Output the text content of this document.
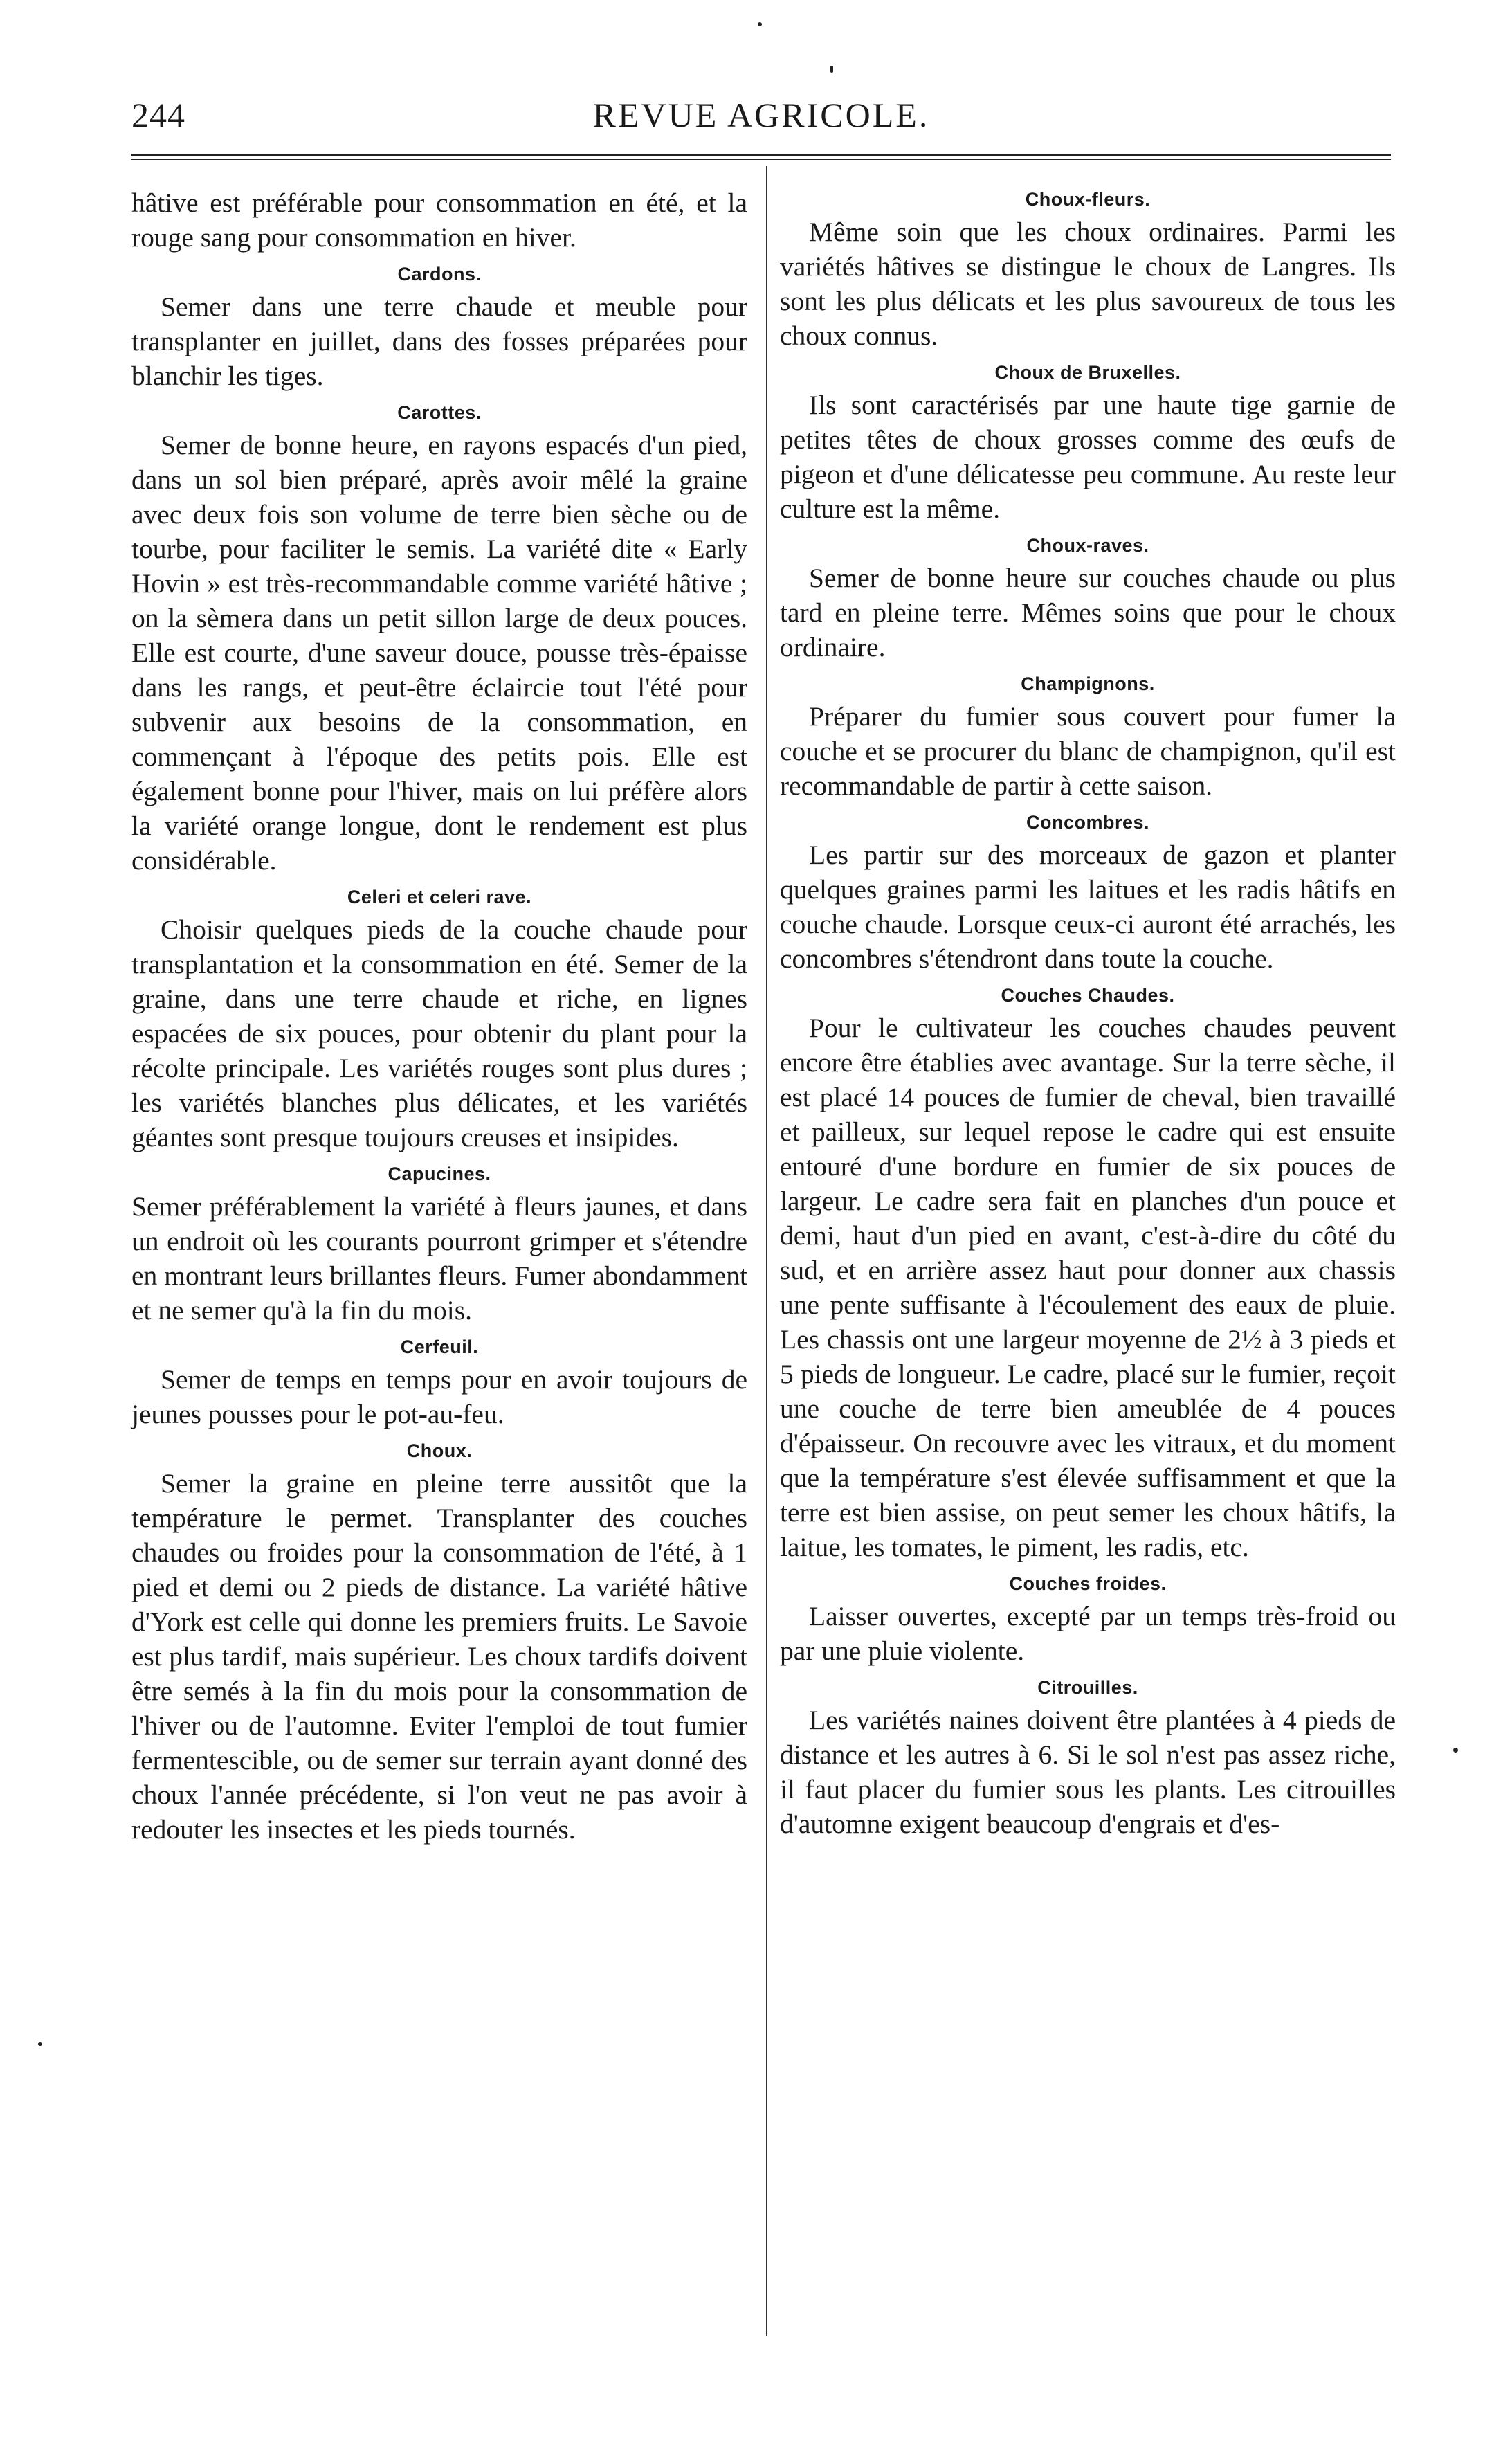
244	REVUE AGRICOLE.

hâtive est préférable pour consommation en été, et la rouge sang pour consommation en hiver.

Cardons.

Semer dans une terre chaude et meuble pour transplanter en juillet, dans des fosses préparées pour blanchir les tiges.

Carottes.

Semer de bonne heure, en rayons espacés d'un pied, dans un sol bien préparé, après avoir mêlé la graine avec deux fois son volume de terre bien sèche ou de tourbe, pour faciliter le semis. La variété dite « Early Hovin » est très-recommandable comme variété hâtive ; on la sèmera dans un petit sillon large de deux pouces. Elle est courte, d'une saveur douce, pousse très-épaisse dans les rangs, et peut-être éclaircie tout l'été pour subvenir aux besoins de la consommation, en commençant à l'époque des petits pois. Elle est également bonne pour l'hiver, mais on lui préfère alors la variété orange longue, dont le rendement est plus considérable.

Celeri et celeri rave.

Choisir quelques pieds de la couche chaude pour transplantation et la consommation en été. Semer de la graine, dans une terre chaude et riche, en lignes espacées de six pouces, pour obtenir du plant pour la récolte principale. Les variétés rouges sont plus dures ; les variétés blanches plus délicates, et les variétés géantes sont presque toujours creuses et insipides.

Capucines.

Semer préférablement la variété à fleurs jaunes, et dans un endroit où les courants pourront grimper et s'étendre en montrant leurs brillantes fleurs. Fumer abondamment et ne semer qu'à la fin du mois.

Cerfeuil.

Semer de temps en temps pour en avoir toujours de jeunes pousses pour le pot-au-feu.

Choux.

Semer la graine en pleine terre aussitôt que la température le permet. Transplanter des couches chaudes ou froides pour la consommation de l'été, à 1 pied et demi ou 2 pieds de distance. La variété hâtive d'York est celle qui donne les premiers fruits. Le Savoie est plus tardif, mais supérieur. Les choux tardifs doivent être semés à la fin du mois pour la consommation de l'hiver ou de l'automne. Eviter l'emploi de tout fumier fermentescible, ou de semer sur terrain ayant donné des choux l'année précédente, si l'on veut ne pas avoir à redouter les insectes et les pieds tournés.

Choux-fleurs.

Même soin que les choux ordinaires. Parmi les variétés hâtives se distingue le choux de Langres. Ils sont les plus délicats et les plus savoureux de tous les choux connus.

Choux de Bruxelles.

Ils sont caractérisés par une haute tige garnie de petites têtes de choux grosses comme des œufs de pigeon et d'une délicatesse peu commune. Au reste leur culture est la même.

Choux-raves.

Semer de bonne heure sur couches chaude ou plus tard en pleine terre. Mêmes soins que pour le choux ordinaire.

Champignons.

Préparer du fumier sous couvert pour fumer la couche et se procurer du blanc de champignon, qu'il est recommandable de partir à cette saison.

Concombres.

Les partir sur des morceaux de gazon et planter quelques graines parmi les laitues et les radis hâtifs en couche chaude. Lorsque ceux-ci auront été arrachés, les concombres s'étendront dans toute la couche.

Couches Chaudes.

Pour le cultivateur les couches chaudes peuvent encore être établies avec avantage. Sur la terre sèche, il est placé 14 pouces de fumier de cheval, bien travaillé et pailleux, sur lequel repose le cadre qui est ensuite entouré d'une bordure en fumier de six pouces de largeur. Le cadre sera fait en planches d'un pouce et demi, haut d'un pied en avant, c'est-à-dire du côté du sud, et en arrière assez haut pour donner aux chassis une pente suffisante à l'écoulement des eaux de pluie. Les chassis ont une largeur moyenne de 2½ à 3 pieds et 5 pieds de longueur. Le cadre, placé sur le fumier, reçoit une couche de terre bien ameublée de 4 pouces d'épaisseur. On recouvre avec les vitraux, et du moment que la température s'est élevée suffisamment et que la terre est bien assise, on peut semer les choux hâtifs, la laitue, les tomates, le piment, les radis, etc.

Couches froides.

Laisser ouvertes, excepté par un temps très-froid ou par une pluie violente.

Citrouilles.

Les variétés naines doivent être plantées à 4 pieds de distance et les autres à 6. Si le sol n'est pas assez riche, il faut placer du fumier sous les plants. Les citrouilles d'automne exigent beaucoup d'engrais et d'es-
